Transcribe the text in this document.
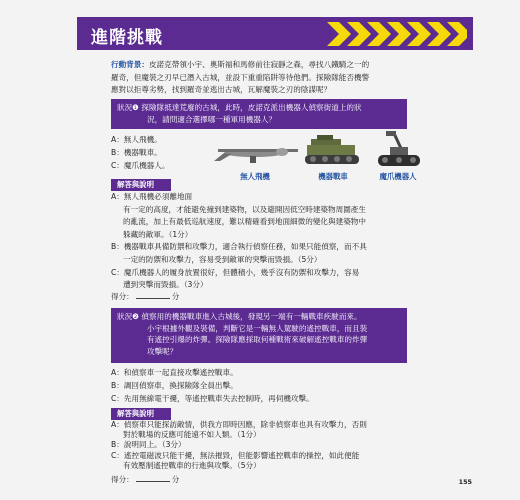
進階挑戰
行動背景：皮諾克帶領小宇、奧斯福和馬修前往寂靜之森，尋找八鐵騎之一的
羅奇，但魔裝之刃早已潛入古城，並設下重重陷阱等待他們。探險隊能否機警
應對以拒尊劣勢，找到羅奇並逃出古城，瓦解魔裝之刃的陰謀呢？
狀況❶ 探險隊抵達荒廢的古城，此時，皮諾克派出機器人偵察街道上的狀
況，請問適合選擇哪一種軍用機器人？
A：無人飛機。
B：機器戰車。
C：魔爪機器人。
無人飛機	機器戰車	魔爪機器人
解答與說明
A：無人飛機必須離地面
有一定的高度，才能避免撞到建築物，以及避開因低空時建築物周圍產生
的亂流，加上有最低巡航速度，難以精確看到地面細微的變化與建築物中
躲藏的敵軍。（1分）
B：機器戰車具備防禦和攻擊力，適合執行偵察任務，如果只能偵察，而不具
一定的防禦和攻擊力，容易受到敵軍的突擊而毀損。（5分）
C：魔爪機器人的履身放置很好，但體積小，幾乎沒有防禦和攻擊力，容易
遭到突擊而毀損。（3分）
得分：	分
狀況❷ 偵察用的機器戰車進入古城後，發現另一端有一輛戰車疾駛而來。
小宇根據外觀及裝備，判斷它是一輛無人駕駛的遙控戰車，而且裝
有遙控引爆的炸彈。探險隊應採取何種戰術來破解遙控戰車的炸彈
攻擊呢？
A：和偵察車一起直接攻擊遙控戰車。
B：調回偵察車，換探險隊全員出擊。
C：先用無線電干擾，等遙控戰車失去控制時，再伺機攻擊。
解答與說明
A：偵察車只能探訪敵情，供我方即時因應，除非偵察車也具有攻擊力，否則
對於戰場的反應可能遠不如人類。（1分）
B：說明同上。（3分）
C：遙控電磁波只能干擾，無法摧毀，但能影響遙控戰車的操控，如此便能
有效壓制遙控戰車的行進與攻擊。（5分）
得分：	分	155
